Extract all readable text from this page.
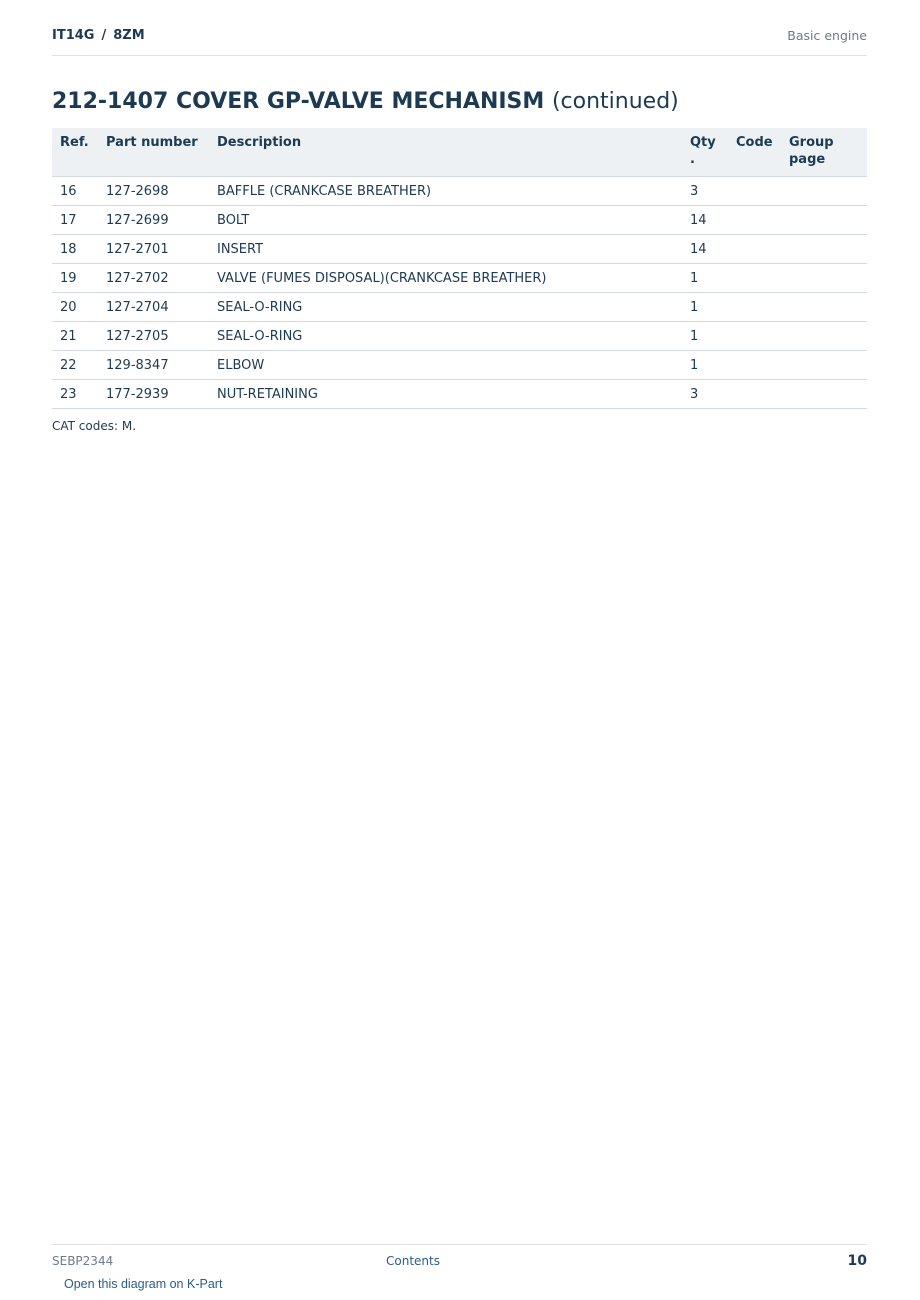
IT14G / 8ZM	Basic engine
212-1407 COVER GP-VALVE MECHANISM (continued)
Ref.	Part number	Description	Qty .	Code	Group page
16	127-2698	BAFFLE (CRANKCASE BREATHER)	3		
17	127-2699	BOLT	14		
18	127-2701	INSERT	14		
19	127-2702	VALVE (FUMES DISPOSAL)(CRANKCASE BREATHER)	1		
20	127-2704	SEAL-O-RING	1		
21	127-2705	SEAL-O-RING	1		
22	129-8347	ELBOW	1		
23	177-2939	NUT-RETAINING	3		
CAT codes: M.
SEBP2344	Contents	10
Open this diagram on K-Part
